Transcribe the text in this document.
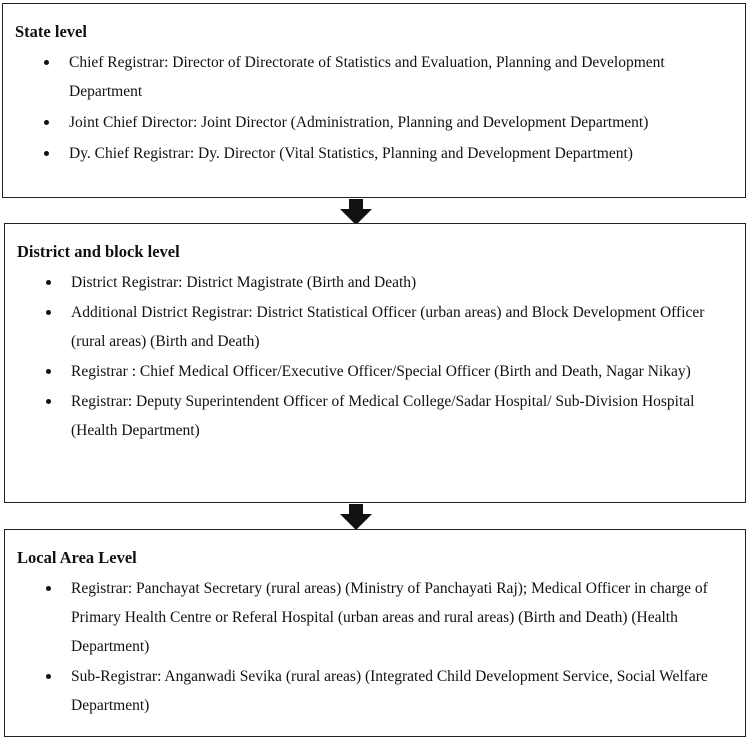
State level
Chief Registrar: Director of Directorate of Statistics and Evaluation, Planning and Development Department
Joint Chief Director: Joint Director (Administration, Planning and Development Department)
Dy. Chief Registrar: Dy. Director (Vital Statistics, Planning and Development Department)
District and block level
District Registrar: District Magistrate (Birth and Death)
Additional District Registrar: District Statistical Officer (urban areas) and Block Development Officer (rural areas) (Birth and Death)
Registrar : Chief Medical Officer/Executive Officer/Special Officer (Birth and Death, Nagar Nikay)
Registrar: Deputy Superintendent Officer of Medical College/Sadar Hospital/ Sub-Division Hospital (Health Department)
Local Area Level
Registrar: Panchayat Secretary (rural areas) (Ministry of Panchayati Raj); Medical Officer in charge of Primary Health Centre or Referal Hospital (urban areas and rural areas) (Birth and Death) (Health Department)
Sub-Registrar: Anganwadi Sevika (rural areas) (Integrated Child Development Service, Social Welfare Department)
